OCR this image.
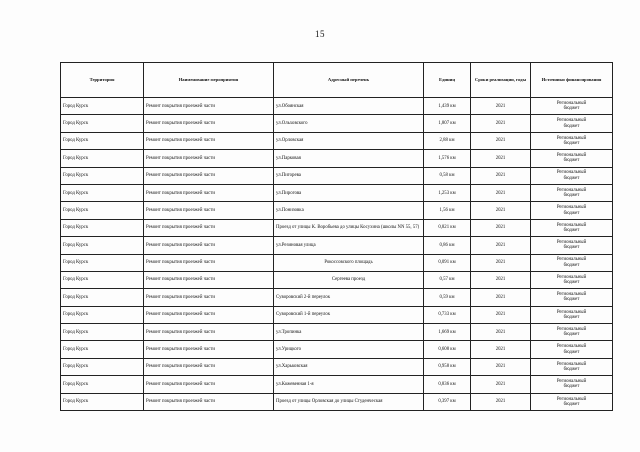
15
Территория	Наименование мероприятия	Адресный перечень	Единиц	Сроки реализации, годы	Источники финансирования
Город Курск	Ремонт покрытия проезжей части	ул.Обоянская	1,439 км	2021	Региональный
бюджет

Город Курск	Ремонт покрытия проезжей части	ул.Ольховского	1,807 км	2021	Региональный
бюджет

Город Курск	Ремонт покрытия проезжей части	ул.Орловская	2,88 км	2021	Региональный
бюджет

Город Курск	Ремонт покрытия проезжей части	ул.Парковая	1,576 км	2021	Региональный
бюджет

Город Курск	Ремонт покрытия проезжей части	ул.Пигорева	0,58 км	2021	Региональный
бюджет

Город Курск	Ремонт покрытия проезжей части	ул.Пирогова	1,253 км	2021	Региональный
бюджет

Город Курск	Ремонт покрытия проезжей части	ул.Понизовка	1,56 км	2021	Региональный
бюджет

Город Курск	Ремонт покрытия проезжей части	Проезд от улицы К. Воробьева до улицы Косухина (школы NN 55, 57)	0,821 км	2021	Региональный
бюджет

Город Курск	Ремонт покрытия проезжей части	ул.Резиновая улица	0,86 км	2021	Региональный
бюджет

Город Курск	Ремонт покрытия проезжей части	Рокоссовского площадь	0,091 км	2021	Региональный
бюджет

Город Курск	Ремонт покрытия проезжей части	Сергеева проезд	0,57 км	2021	Региональный
бюджет

Город Курск	Ремонт покрытия проезжей части	Суворовский 2-й переулок	0,59 км	2021	Региональный
бюджет

Город Курск	Ремонт покрытия проезжей части	Суворовский 1-й переулок	0,733 км	2021	Региональный
бюджет

Город Курск	Ремонт покрытия проезжей части	ул.Тропинка	1,669 км	2021	Региональный
бюджет

Город Курск	Ремонт покрытия проезжей части	ул.Урицкого	0,608 км	2021	Региональный
бюджет

Город Курск	Ремонт покрытия проезжей части	ул.Харьковская	0,958 км	2021	Региональный
бюджет

Город Курск	Ремонт покрытия проезжей части	ул.Кожевенная 1-я	0,836 км	2021	Региональный
бюджет

Город Курск	Ремонт покрытия проезжей части	Проезд от улицы Орловская до улицы Студенческая	0,397 км	2021	Региональный
бюджет
